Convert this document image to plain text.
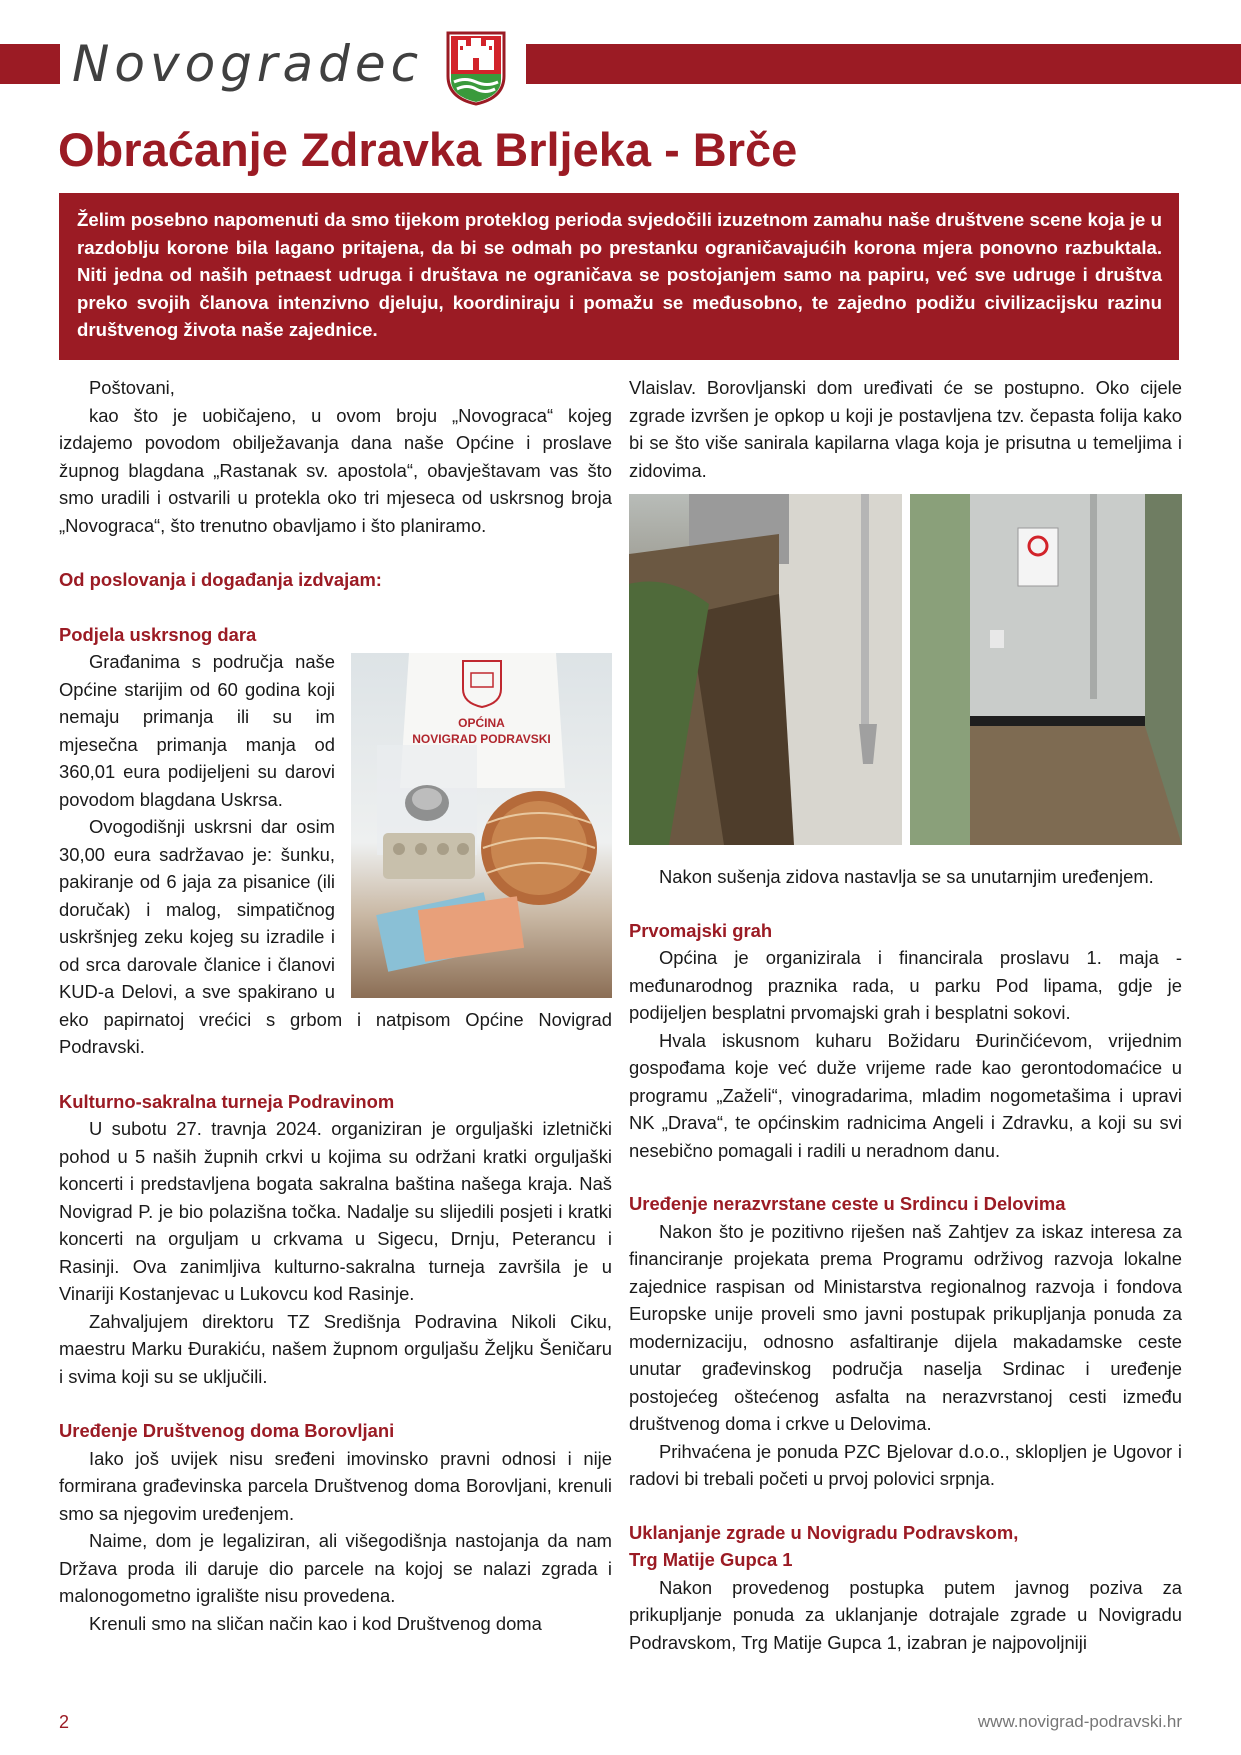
Novogradec
Obraćanje Zdravka Brljeka - Brče
Želim posebno napomenuti da smo tijekom proteklog perioda svjedočili izuzetnom zamahu naše društvene scene koja je u razdoblju korone bila lagano pritajena, da bi se odmah po prestanku ograničavajućih korona mjera ponovno razbuktala. Niti jedna od naših petnaest udruga i društava ne ograničava se postojanjem samo na papiru, već sve udruge i društva preko svojih članova intenzivno djeluju, koordiniraju i pomažu se međusobno, te zajedno podižu civilizacijsku razinu društvenog života naše zajednice.

Poštovani,

kao što je uobičajeno, u ovom broju „Novograca“ kojeg izdajemo povodom obilježavanja dana naše Općine i proslave župnog blagdana „Rastanak sv. apostola“, obavještavam vas što smo uradili i ostvarili u protekla oko tri mjeseca od uskrsnog broja „Novograca“, što trenutno obavljamo i što planiramo.

Od poslovanja i događanja izdvajam:
Podjela uskrsnog dara
OPĆINA
NOVIGRAD PODRAVSKI

Građanima s područja naše Općine starijim od 60 godina koji nemaju primanja ili su im mjesečna primanja manja od 360,01 eura podijeljeni su darovi povodom blagdana Uskrsa.

Ovogodišnji uskrsni dar osim 30,00 eura sadržavao je: šunku, pakiranje od 6 jaja za pisanice (ili doručak) i malog, simpatičnog uskršnjeg zeku kojeg su izradile i od srca darovale članice i članovi KUD-a Delovi, a sve spakirano u eko papirnatoj vrećici s grbom i natpisom Općine Novigrad Podravski.

Kulturno-sakralna turneja Podravinom

U subotu 27. travnja 2024. organiziran je orguljaški izletnički pohod u 5 naših župnih crkvi u kojima su održani kratki orguljaški koncerti i predstavljena bogata sakralna baština našega kraja. Naš Novigrad P. je bio polazišna točka. Nadalje su slijedili posjeti i kratki koncerti na orguljam u crkvama u Sigecu, Drnju, Peterancu i Rasinji. Ova zanimljiva kulturno-sakralna turneja završila je u Vinariji Kostanjevac u Lukovcu kod Rasinje.

Zahvaljujem direktoru TZ Središnja Podravina Nikoli Ciku, maestru Marku Đurakiću, našem župnom orguljašu Željku Šeničaru i svima koji su se uključili.

Uređenje Društvenog doma Borovljani

Iako još uvijek nisu sređeni imovinsko pravni odnosi i nije formirana građevinska parcela Društvenog doma Borovljani, krenuli smo sa njegovim uređenjem.

Naime, dom je legaliziran, ali višegodišnja nastojanja da nam Država proda ili daruje dio parcele na kojoj se nalazi zgrada i malonogometno igralište nisu provedena.

Krenuli smo na sličan način kao i kod Društvenog doma

Vlaislav. Borovljanski dom uređivati će se postupno. Oko cijele zgrade izvršen je opkop u koji je postavljena tzv. čepasta folija kako bi se što više sanirala kapilarna vlaga koja je prisutna u temeljima i zidovima.

Nakon sušenja zidova nastavlja se sa unutarnjim uređenjem.

Prvomajski grah

Općina je organizirala i financirala proslavu 1. maja - međunarodnog praznika rada, u parku Pod lipama, gdje je podijeljen besplatni prvomajski grah i besplatni sokovi.

Hvala iskusnom kuharu Božidaru Đurinčićevom, vrijednim gospođama koje već duže vrijeme rade kao gerontodomaćice u programu „Zaželi“, vinogradarima, mladim nogometašima i upravi NK „Drava“, te općinskim radnicima Angeli i Zdravku, a koji su svi nesebično pomagali i radili u neradnom danu.

Uređenje nerazvrstane ceste u Srdincu i Delovima

Nakon što je pozitivno riješen naš Zahtjev za iskaz interesa za financiranje projekata prema Programu održivog razvoja lokalne zajednice raspisan od Ministarstva regionalnog razvoja i fondova Europske unije proveli smo javni postupak prikupljanja ponuda za modernizaciju, odnosno asfaltiranje dijela makadamske ceste unutar građevinskog područja naselja Srdinac i uređenje postojećeg oštećenog asfalta na nerazvrstanoj cesti između društvenog doma i crkve u Delovima.

Prihvaćena je ponuda PZC Bjelovar d.o.o., sklopljen je Ugovor i radovi bi trebali početi u prvoj polovici srpnja.

Uklanjanje zgrade u Novigradu Podravskom,
Trg Matije Gupca 1

Nakon provedenog postupka putem javnog poziva za prikupljanje ponuda za uklanjanje dotrajale zgrade u Novigradu Podravskom, Trg Matije Gupca 1, izabran je najpovoljniji

2	www.novigrad-podravski.hr
